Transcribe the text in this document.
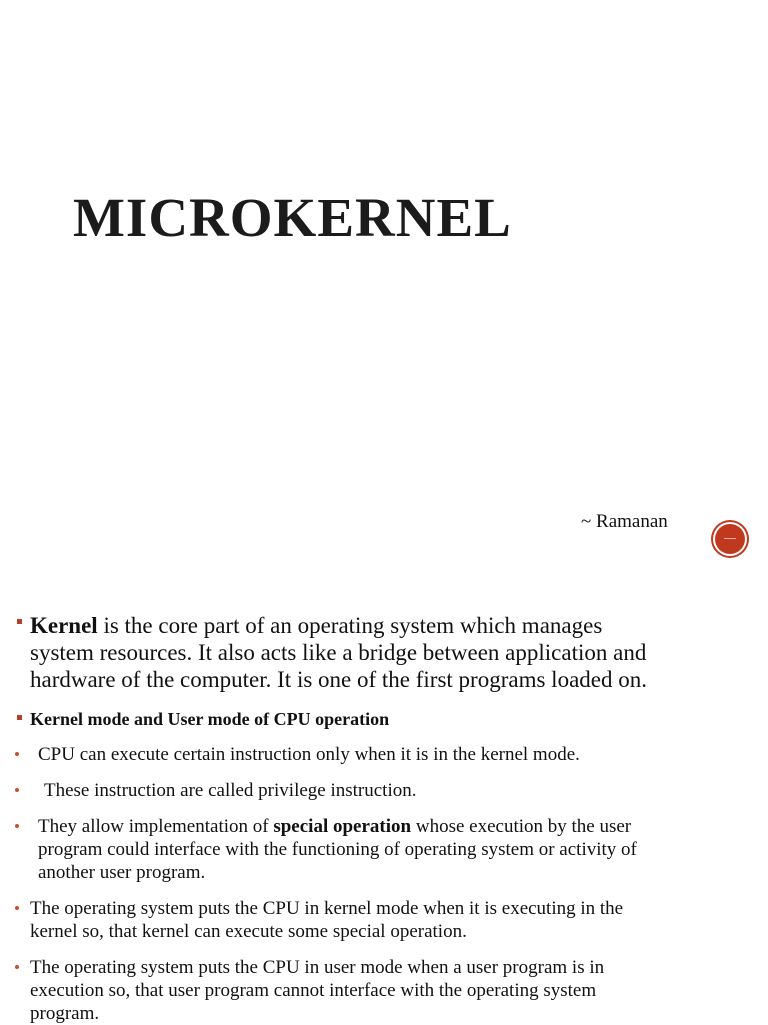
MICROKERNEL
~ Ramanan

Kernel is the core part of an operating system which manages

system resources. It also acts like a bridge between application and

hardware of the computer. It is one of the first programs loaded on.

Kernel mode and User mode of CPU operation

CPU can execute certain instruction only when it is in the kernel mode.

These instruction are called privilege instruction.

They allow implementation of special operation whose execution by the user

program could interface with the functioning of operating system or activity of

another user program.

The operating system puts the CPU in kernel mode when it is executing in the

kernel so, that kernel can execute some special operation.

The operating system puts the CPU in user mode when a user program is in

execution so, that user program cannot interface with the operating system

program.
